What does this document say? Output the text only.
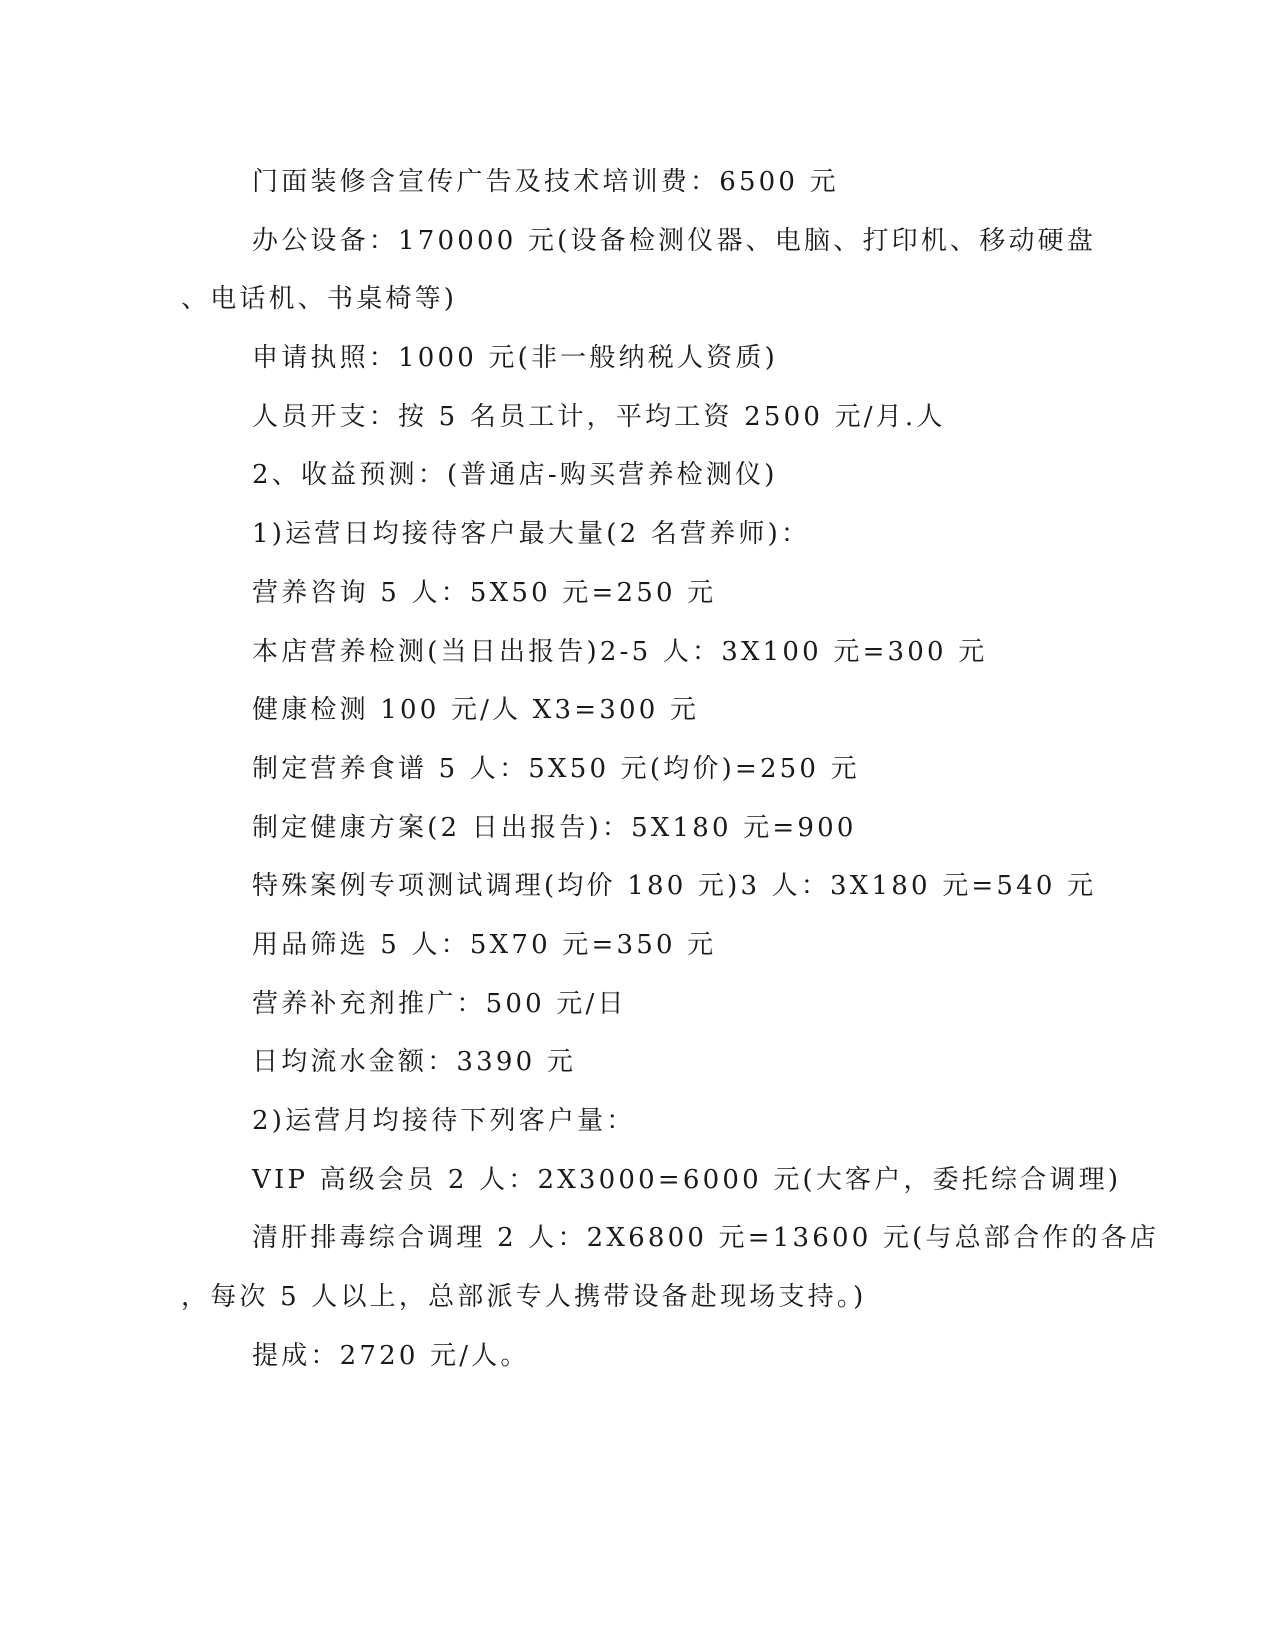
门面装修含宣传广告及技术培训费：6500 元
办公设备：170000 元(设备检测仪器、电脑、打印机、移动硬盘
、电话机、书桌椅等)
申请执照：1000 元(非一般纳税人资质)
人员开支：按 5 名员工计，平均工资 2500 元/月.人
2、收益预测：(普通店-购买营养检测仪)
1)运营日均接待客户最大量(2 名营养师)：
营养咨询 5 人：5X50 元=250 元
本店营养检测(当日出报告)2-5 人：3X100 元=300 元
健康检测 100 元/人 X3=300 元
制定营养食谱 5 人：5X50 元(均价)=250 元
制定健康方案(2 日出报告)：5X180 元=900
特殊案例专项测试调理(均价 180 元)3 人：3X180 元=540 元
用品筛选 5 人：5X70 元=350 元
营养补充剂推广：500 元/日
日均流水金额：3390 元
2)运营月均接待下列客户量：
VIP 高级会员 2 人：2X3000=6000 元(大客户，委托综合调理)
清肝排毒综合调理 2 人：2X6800 元=13600 元(与总部合作的各店
，每次 5 人以上，总部派专人携带设备赴现场支持。)
提成：2720 元/人。
